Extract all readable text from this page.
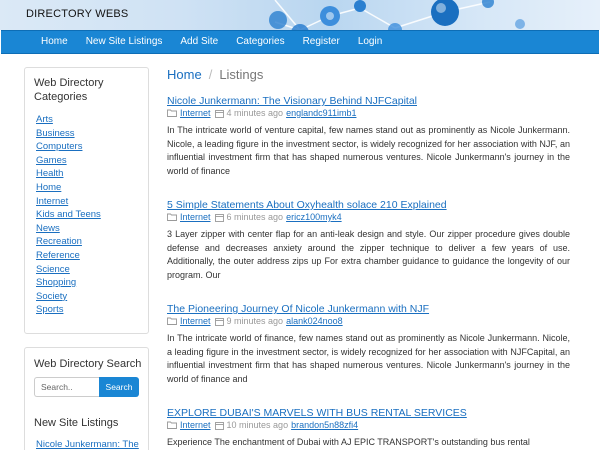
DIRECTORY WEBS
Home	New Site Listings	Add Site	Categories	Register	Login
Web Directory Categories
Arts
Business
Computers
Games
Health
Home
Internet
Kids and Teens
News
Recreation
Reference
Science
Shopping
Society
Sports
Web Directory Search
Search..
Search
New Site Listings
Nicole Junkermann: The
Home / Listings
Nicole Junkermann: The Visionary Behind NJFCapital
Internet 4 minutes ago englandc911imb1
In The intricate world of venture capital, few names stand out as prominently as Nicole Junkermann. Nicole, a leading figure in the investment sector, is widely recognized for her association with NJF, an influential investment firm that has shaped numerous ventures. Nicole Junkermann's journey in the world of finance
5 Simple Statements About Oxyhealth solace 210 Explained
Internet 6 minutes ago ericz100myk4
3 Layer zipper with center flap for an anti-leak design and style. Our zipper procedure gives double defense and decreases anxiety around the zipper technique to deliver a few years of use. Additionally, the outer address zips up For extra chamber guidance to guidance the longevity of our program. Our
The Pioneering Journey Of Nicole Junkermann with NJF
Internet 9 minutes ago alank024noo8
In The intricate world of finance, few names stand out as prominently as Nicole Junkermann. Nicole, a leading figure in the investment sector, is widely recognized for her association with NJFCapital, an influential investment firm that has shaped numerous ventures. Nicole Junkermann's journey in the world of finance and
EXPLORE DUBAI'S MARVELS WITH BUS RENTAL SERVICES
Internet 10 minutes ago brandon5n88zfi4
Experience The enchantment of Dubai with AJ EPIC TRANSPORT's outstanding bus rental
